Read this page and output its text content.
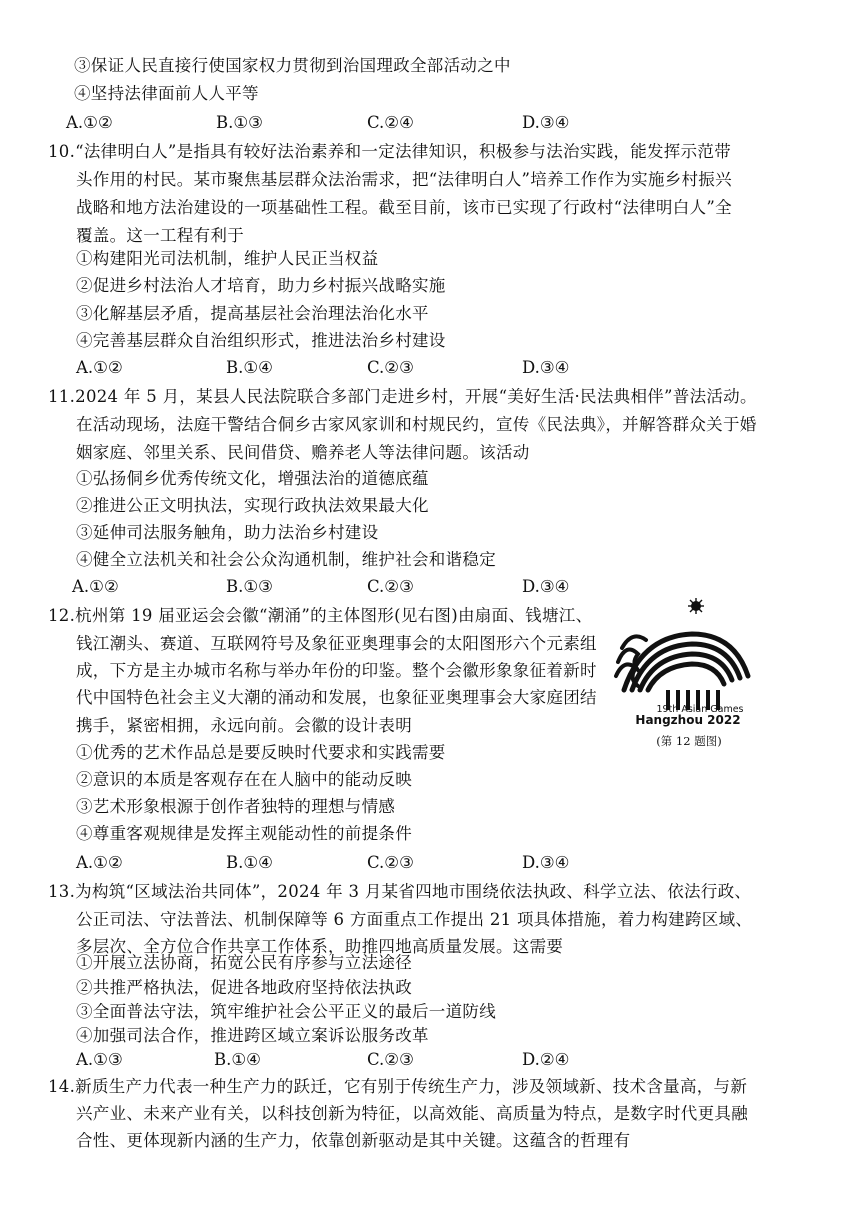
③保证人民直接行使国家权力贯彻到治国理政全部活动之中
④坚持法律面前人人平等
A.①②	B.①③	C.②④	D.③④
10.“法律明白人”是指具有较好法治素养和一定法律知识，积极参与法治实践，能发挥示范带
头作用的村民。某市聚焦基层群众法治需求，把“法律明白人”培养工作作为实施乡村振兴
战略和地方法治建设的一项基础性工程。截至目前，该市已实现了行政村“法律明白人”全
覆盖。这一工程有利于
①构建阳光司法机制，维护人民正当权益
②促进乡村法治人才培育，助力乡村振兴战略实施
③化解基层矛盾，提高基层社会治理法治化水平
④完善基层群众自治组织形式，推进法治乡村建设
A.①②	B.①④	C.②③	D.③④
11.2024 年 5 月，某县人民法院联合多部门走进乡村，开展“美好生活·民法典相伴”普法活动。
在活动现场，法庭干警结合侗乡古家风家训和村规民约，宣传《民法典》，并解答群众关于婚
姻家庭、邻里关系、民间借贷、赡养老人等法律问题。该活动
①弘扬侗乡优秀传统文化，增强法治的道德底蕴
②推进公正文明执法，实现行政执法效果最大化
③延伸司法服务触角，助力法治乡村建设
④健全立法机关和社会公众沟通机制，维护社会和谐稳定
A.①②	B.①③	C.②③	D.③④
12.杭州第 19 届亚运会会徽“潮涌”的主体图形(见右图)由扇面、钱塘江、
钱江潮头、赛道、互联网符号及象征亚奥理事会的太阳图形六个元素组
成，下方是主办城市名称与举办年份的印鉴。整个会徽形象象征着新时
代中国特色社会主义大潮的涌动和发展，也象征亚奥理事会大家庭团结
携手，紧密相拥，永远向前。会徽的设计表明
①优秀的艺术作品总是要反映时代要求和实践需要
②意识的本质是客观存在在人脑中的能动反映
③艺术形象根源于创作者独特的理想与情感
④尊重客观规律是发挥主观能动性的前提条件
A.①②	B.①④	C.②③	D.③④
19th Asian Games
Hangzhou 2022
(第 12 题图)
13.为构筑“区域法治共同体”，2024 年 3 月某省四地市围绕依法执政、科学立法、依法行政、
公正司法、守法普法、机制保障等 6 方面重点工作提出 21 项具体措施，着力构建跨区域、
多层次、全方位合作共享工作体系，助推四地高质量发展。这需要
①开展立法协商，拓宽公民有序参与立法途径
②共推严格执法，促进各地政府坚持依法执政
③全面普法守法，筑牢维护社会公平正义的最后一道防线
④加强司法合作，推进跨区域立案诉讼服务改革
A.①③	B.①④	C.②③	D.②④
14.新质生产力代表一种生产力的跃迁，它有别于传统生产力，涉及领域新、技术含量高，与新
兴产业、未来产业有关，以科技创新为特征，以高效能、高质量为特点，是数字时代更具融
合性、更体现新内涵的生产力，依靠创新驱动是其中关键。这蕴含的哲理有
